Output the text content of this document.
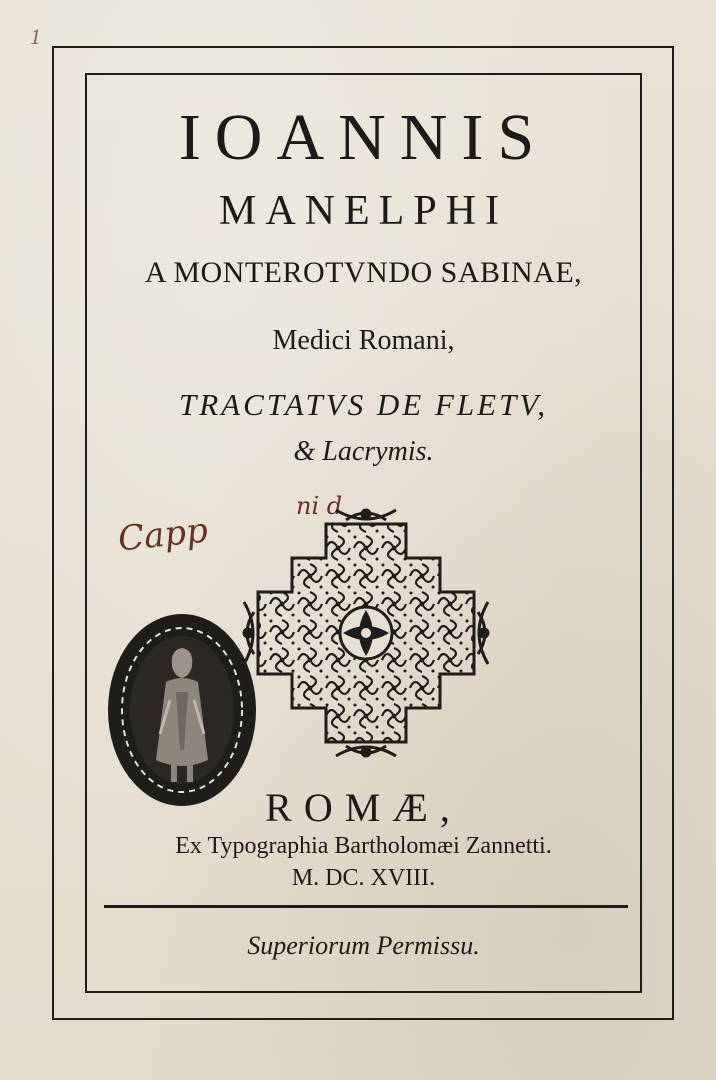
1
IOANNIS
MANELPHI
A MONTEROTVNDO SABINAE,
Medici Romani,
TRACTATVS DE FLETV,
& Lacrymis.
Capp
ni d
ROMÆ,
Ex Typographia Bartholomæi Zannetti.
M. DC. XVIII.
Superiorum Permissu.
